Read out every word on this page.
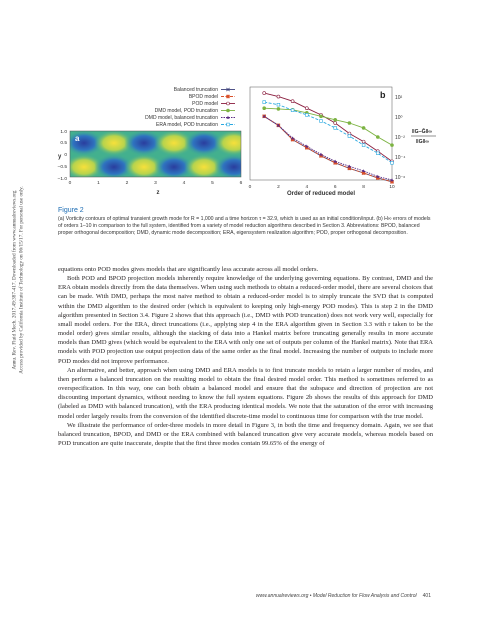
Annu. Rev. Fluid Mech. 2017.49:387-417. Downloaded from www.annualreviews.org Access provided by California Institute of Technology on 06/15/17. For personal use only.
a
1.0
0.5
0
−0.5
−1.0
y
0	1	2	3	4	5	6
z
b
0	2	4	6	8	10
10²
10⁰
10⁻²
10⁻⁴
10⁻⁶
‖G−Ĝ‖∞
‖G‖∞
Order of reduced model
Balanced truncation
BPOD model
POD model
DMD model, POD truncation
DMD model, balanced truncation
ERA model, POD truncation
Figure 2
(a) Vorticity contours of optimal transient growth mode for R = 1,000 and a time horizon τ = 32.9, which is used as an initial condition/input. (b) H∞ errors of models of orders 1–10 in comparison to the full system, identified from a variety of model reduction algorithms described in Section 3. Abbreviations: BPOD, balanced proper orthogonal decomposition; DMD, dynamic mode decomposition; ERA, eigensystem realization algorithm; POD, proper orthogonal decomposition.

equations onto POD modes gives models that are significantly less accurate across all model orders.

Both POD and BPOD projection models inherently require knowledge of the underlying governing equations. By contrast, DMD and the ERA obtain models directly from the data themselves. When using such methods to obtain a reduced-order model, there are several choices that can be made. With DMD, perhaps the most naive method to obtain a reduced-order model is to simply truncate the SVD that is computed within the DMD algorithm to the desired order (which is equivalent to keeping only high-energy POD modes). This is step 2 in the DMD algorithm presented in Section 3.4. Figure 2 shows that this approach (i.e., DMD with POD truncation) does not work very well, especially for small model orders. For the ERA, direct truncations (i.e., applying step 4 in the ERA algorithm given in Section 3.3 with r taken to be the model order) gives similar results, although the stacking of data into a Hankel matrix before truncating generally results in more accurate models than DMD gives (which would be equivalent to the ERA with only one set of outputs per column of the Hankel matrix). Note that ERA models with POD projection use output projection data of the same order as the final model. Increasing the number of outputs to include more POD modes did not improve performance.

An alternative, and better, approach when using DMD and ERA models is to first truncate models to retain a larger number of modes, and then perform a balanced truncation on the resulting model to obtain the final desired model order. This method is sometimes referred to as overspecification. In this way, one can both obtain a balanced model and ensure that the subspace and direction of projection are not discounting important dynamics, without needing to know the full system equations. Figure 2b shows the results of this approach for DMD (labeled as DMD with balanced truncation), with the ERA producing identical models. We note that the saturation of the error with increasing model order largely results from the conversion of the identified discrete-time model to continuous time for comparison with the true model.

We illustrate the performance of order-three models in more detail in Figure 3, in both the time and frequency domain. Again, we see that balanced truncation, BPOD, and DMD or the ERA combined with balanced truncation give very accurate models, whereas models based on POD truncation are quite inaccurate, despite that the first three modes contain 99.65% of the energy of

www.annualreviews.org • Model Reduction for Flow Analysis and Control 401
